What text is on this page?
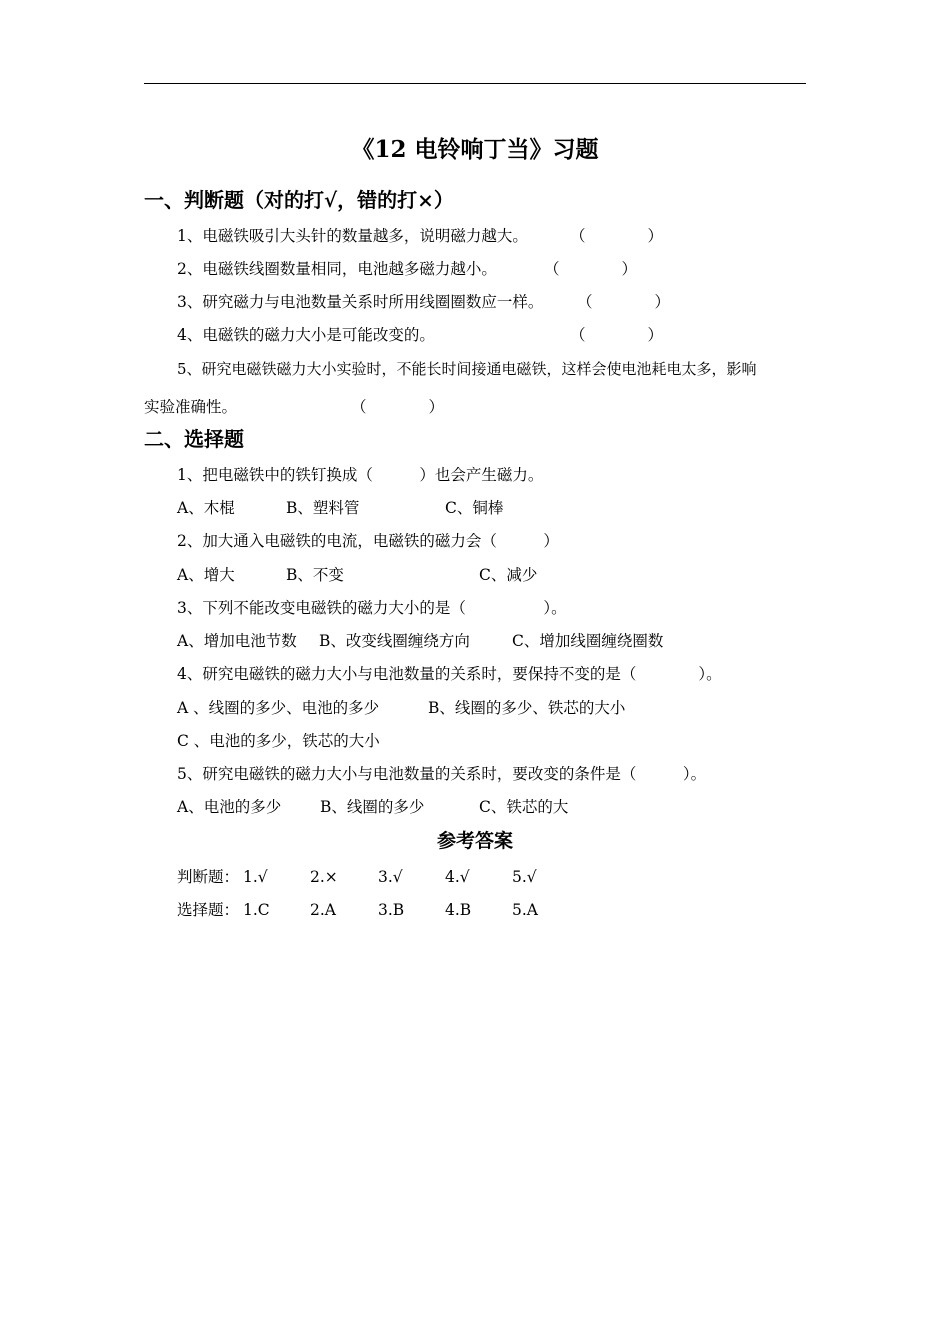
《12 电铃响丁当》习题
一、判断题（对的打√，错的打×）
1、电磁铁吸引大头针的数量越多，说明磁力越大。	（　　　　）
2、电磁铁线圈数量相同，电池越多磁力越小。	（　　　　）
3、研究磁力与电池数量关系时所用线圈圈数应一样。 （　　　　）
4、电磁铁的磁力大小是可能改变的。	（　　　　）
5、研究电磁铁磁力大小实验时，不能长时间接通电磁铁，这样会使电池耗电太多，影响
实验准确性。	（　　　　）
二、选择题
1、把电磁铁中的铁钉换成（　　　）也会产生磁力。
A、木棍	B、塑料管	C、铜棒
2、加大通入电磁铁的电流，电磁铁的磁力会（　　　）
A、增大	B、不变	C、减少
3、下列不能改变电磁铁的磁力大小的是（　　　　　）。
A、增加电池节数 B、改变线圈缠绕方向	C、增加线圈缠绕圈数
4、研究电磁铁的磁力大小与电池数量的关系时，要保持不变的是（　　　　）。
A 、线圈的多少、电池的多少	B、线圈的多少、铁芯的大小
C 、电池的多少，铁芯的大小
5、研究电磁铁的磁力大小与电池数量的关系时，要改变的条件是（　　　）。
A、电池的多少	B、线圈的多少	C、铁芯的大
参考答案
判断题： 1.√	2.×	3.√	4.√	5.√
选择题： 1.C	2.A	3.B	4.B	5.A
